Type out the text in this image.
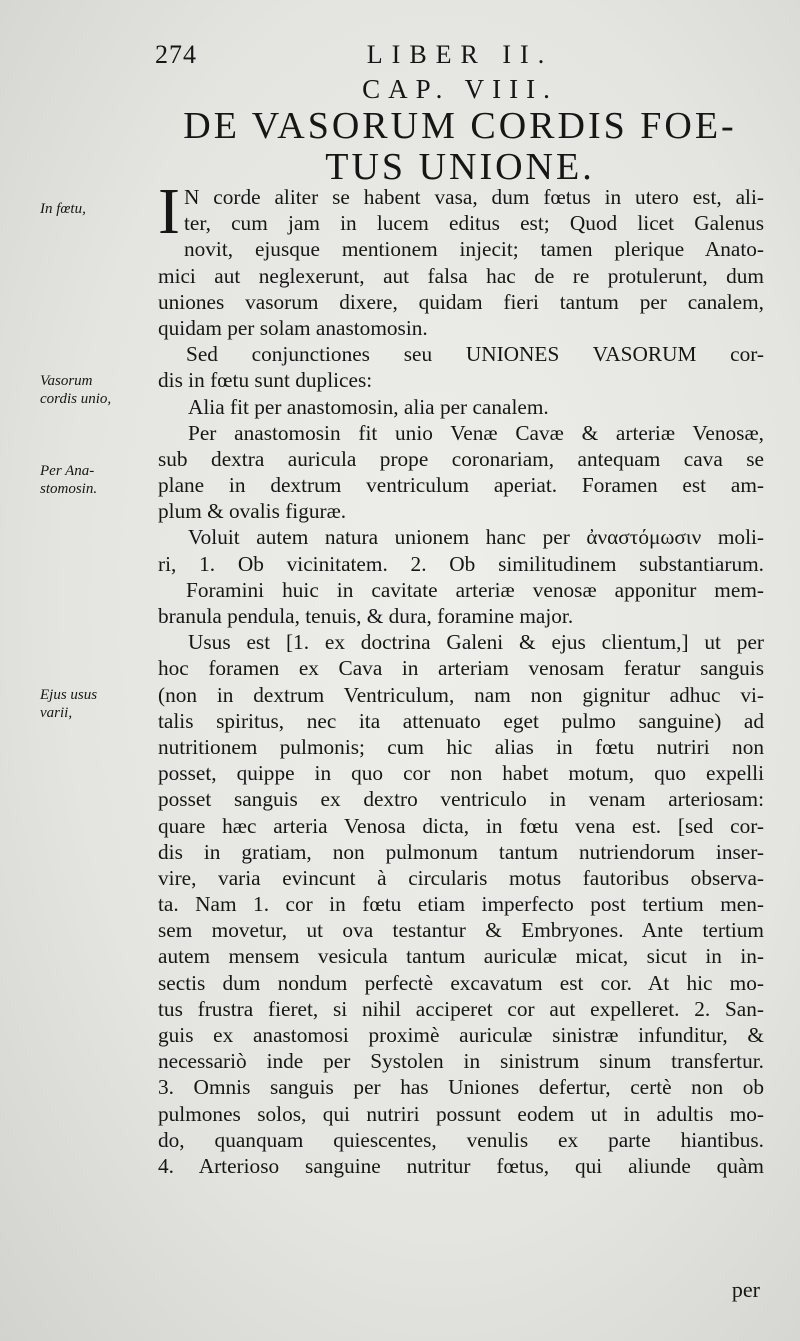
274	LIBER II.
CAP. VIII.
DE VASORUM CORDIS FOE-
TUS UNIONE.
In fœtu,
Vasorum
cordis unio,
Per Ana-
stomosin.
Ejus usus
varii,
I N corde aliter se habent vasa, dum fœtus in utero est, ali-
ter, cum jam in lucem editus est; Quod licet Galenus
novit, ejusque mentionem injecit; tamen plerique Anato-
mici aut neglexerunt, aut falsa hac de re protulerunt, dum
uniones vasorum dixere, quidam fieri tantum per canalem,
quidam per solam anastomosin.
Sed conjunctiones seu UNIONES VASORUM cor-
dis in fœtu sunt duplices:
Alia fit per anastomosin, alia per canalem.
Per anastomosin fit unio Venæ Cavæ & arteriæ Venosæ,
sub dextra auricula prope coronariam, antequam cava se
plane in dextrum ventriculum aperiat. Foramen est am-
plum & ovalis figuræ.
Voluit autem natura unionem hanc per ἀναστόμωσιν moli-
ri, 1. Ob vicinitatem. 2. Ob similitudinem substantiarum.
Foramini huic in cavitate arteriæ venosæ apponitur mem-
branula pendula, tenuis, & dura, foramine major.
Usus est [1. ex doctrina Galeni & ejus clientum,] ut per
hoc foramen ex Cava in arteriam venosam feratur sanguis
(non in dextrum Ventriculum, nam non gignitur adhuc vi-
talis spiritus, nec ita attenuato eget pulmo sanguine) ad
nutritionem pulmonis; cum hic alias in fœtu nutriri non
posset, quippe in quo cor non habet motum, quo expelli
posset sanguis ex dextro ventriculo in venam arteriosam:
quare hæc arteria Venosa dicta, in fœtu vena est. [sed cor-
dis in gratiam, non pulmonum tantum nutriendorum inser-
vire, varia evincunt à circularis motus fautoribus observa-
ta. Nam 1. cor in fœtu etiam imperfecto post tertium men-
sem movetur, ut ova testantur & Embryones. Ante tertium
autem mensem vesicula tantum auriculæ micat, sicut in in-
sectis dum nondum perfectè excavatum est cor. At hic mo-
tus frustra fieret, si nihil acciperet cor aut expelleret. 2. San-
guis ex anastomosi proximè auriculæ sinistræ infunditur, &
necessariò inde per Systolen in sinistrum sinum transfertur.
3. Omnis sanguis per has Uniones defertur, certè non ob
pulmones solos, qui nutriri possunt eodem ut in adultis mo-
do, quanquam quiescentes, venulis ex parte hiantibus.
4. Arterioso sanguine nutritur fœtus, qui aliunde quàm
per
